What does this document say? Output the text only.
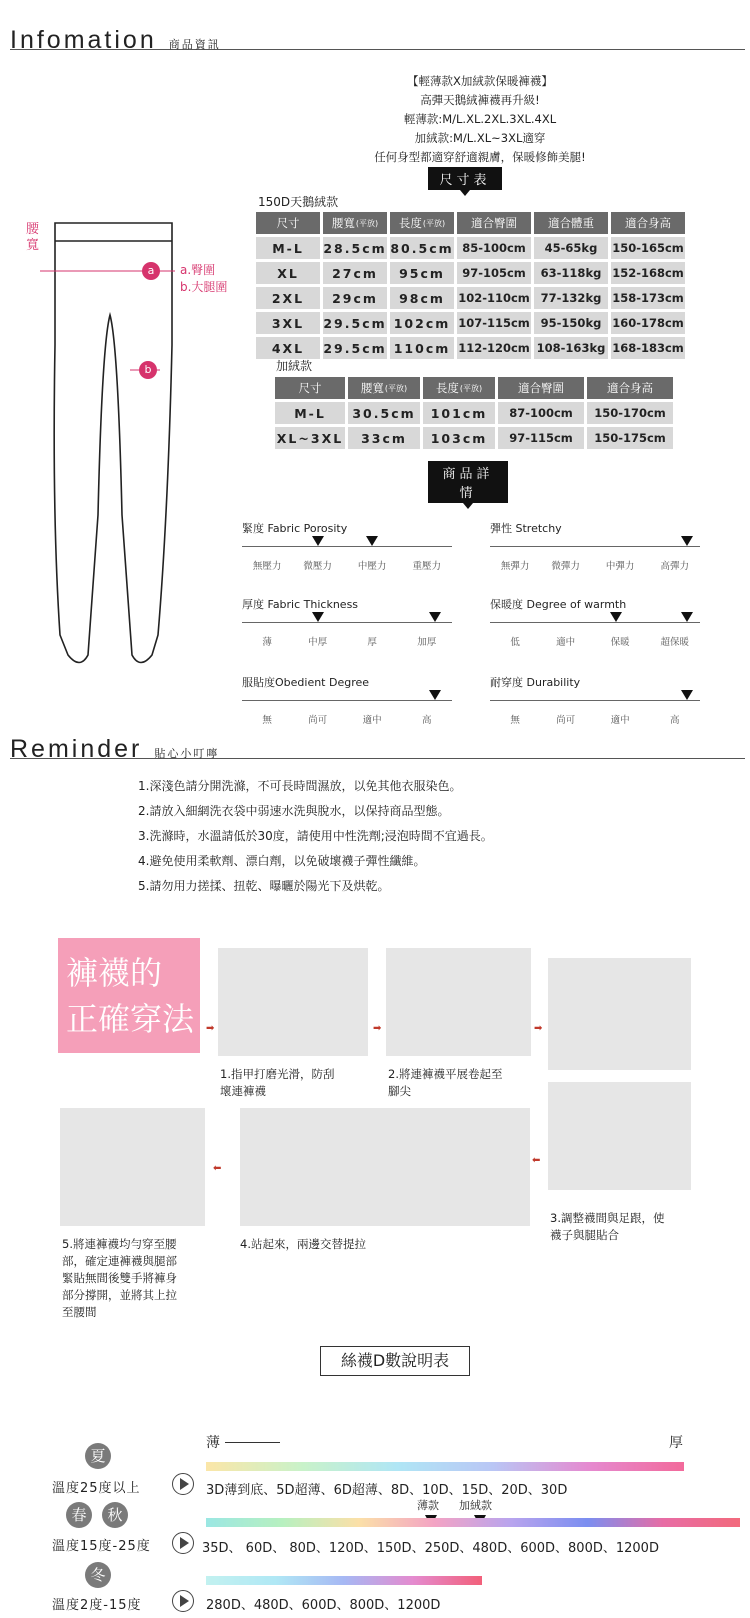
Infomation 商品資訊
【輕薄款X加絨款保暖褲襪】
高彈天鵝絨褲襪再升級!
輕薄款:M/L.XL.2XL.3XL.4XL
加絨款:M/L.XL~3XL適穿
任何身型都適穿舒適親膚，保暖修飾美腿!
尺寸表
腰
寬
a
b
a.臀圍
b.大腿圍
150D天鵝絨款
尺寸	腰寬 (平放) 長度 (平放)	適合臀圍	適合體重	適合身高
M-L	28.5cm 80.5cm 85-100cm	45-65kg	150-165cm
XL	27cm	95cm	97-105cm	63-118kg 152-168cm
2XL	29cm	98cm	102-110cm 77-132kg 158-173cm
3XL	29.5cm 102cm 107-115cm 95-150kg 160-178cm
4XL	29.5cm 110cm 112-120cm 108-163kg 168-183cm
加絨款
尺寸	腰寬 (平放)	長度 (平放)	適合臀圍	適合身高
M-L	30.5cm	101cm	87-100cm	150-170cm
XL~3XL	33cm	103cm	97-115cm	150-175cm
商品詳情
緊度 Fabric Porosity
無壓力 微壓力	中壓力	重壓力
彈性 Stretchy
無彈力 微彈力	中彈力	高彈力
厚度 Fabric Thickness
薄	中厚	厚	加厚
保暖度 Degree of warmth
低	適中	保暖	超保暖
服貼度Obedient Degree
無	尚可	適中	高
耐穿度 Durability
無	尚可	適中	高
Reminder 貼心小叮嚀
1.深淺色請分開洗滌，不可長時間濕放，以免其他衣服染色。
2.請放入細網洗衣袋中弱速水洗與脫水，以保持商品型態。
3.洗滌時，水溫請低於30度，請使用中性洗劑;浸泡時間不宜過長。
4.避免使用柔軟劑、漂白劑，以免破壞襪子彈性纖維。
5.請勿用力搓揉、扭乾、曝曬於陽光下及烘乾。
褲襪的
正確穿法	➡	➡	➡
1.指甲打磨光滑，防刮
壞連褲襪
2.將連褲襪平展卷起至
腳尖
⬅
⬅
3.調整襪間與足跟，使
襪子與腿貼合
4.站起來，兩邊交替提拉
5.將連褲襪均勻穿至腰
部，確定連褲襪與腿部
緊貼無間後雙手將褲身
部分撐開，並將其上拉
至腰間
絲襪D數說明表
薄	厚
夏
溫度25度以上	3D薄到底、5D超薄、6D超薄、8D、10D、15D、20D、30D
薄款 加絨款
春	秋
溫度15度-25度	35D、 60D、 80D、120D、150D、250D、480D、600D、800D、1200D
冬
溫度2度-15度	280D、480D、600D、800D、1200D
